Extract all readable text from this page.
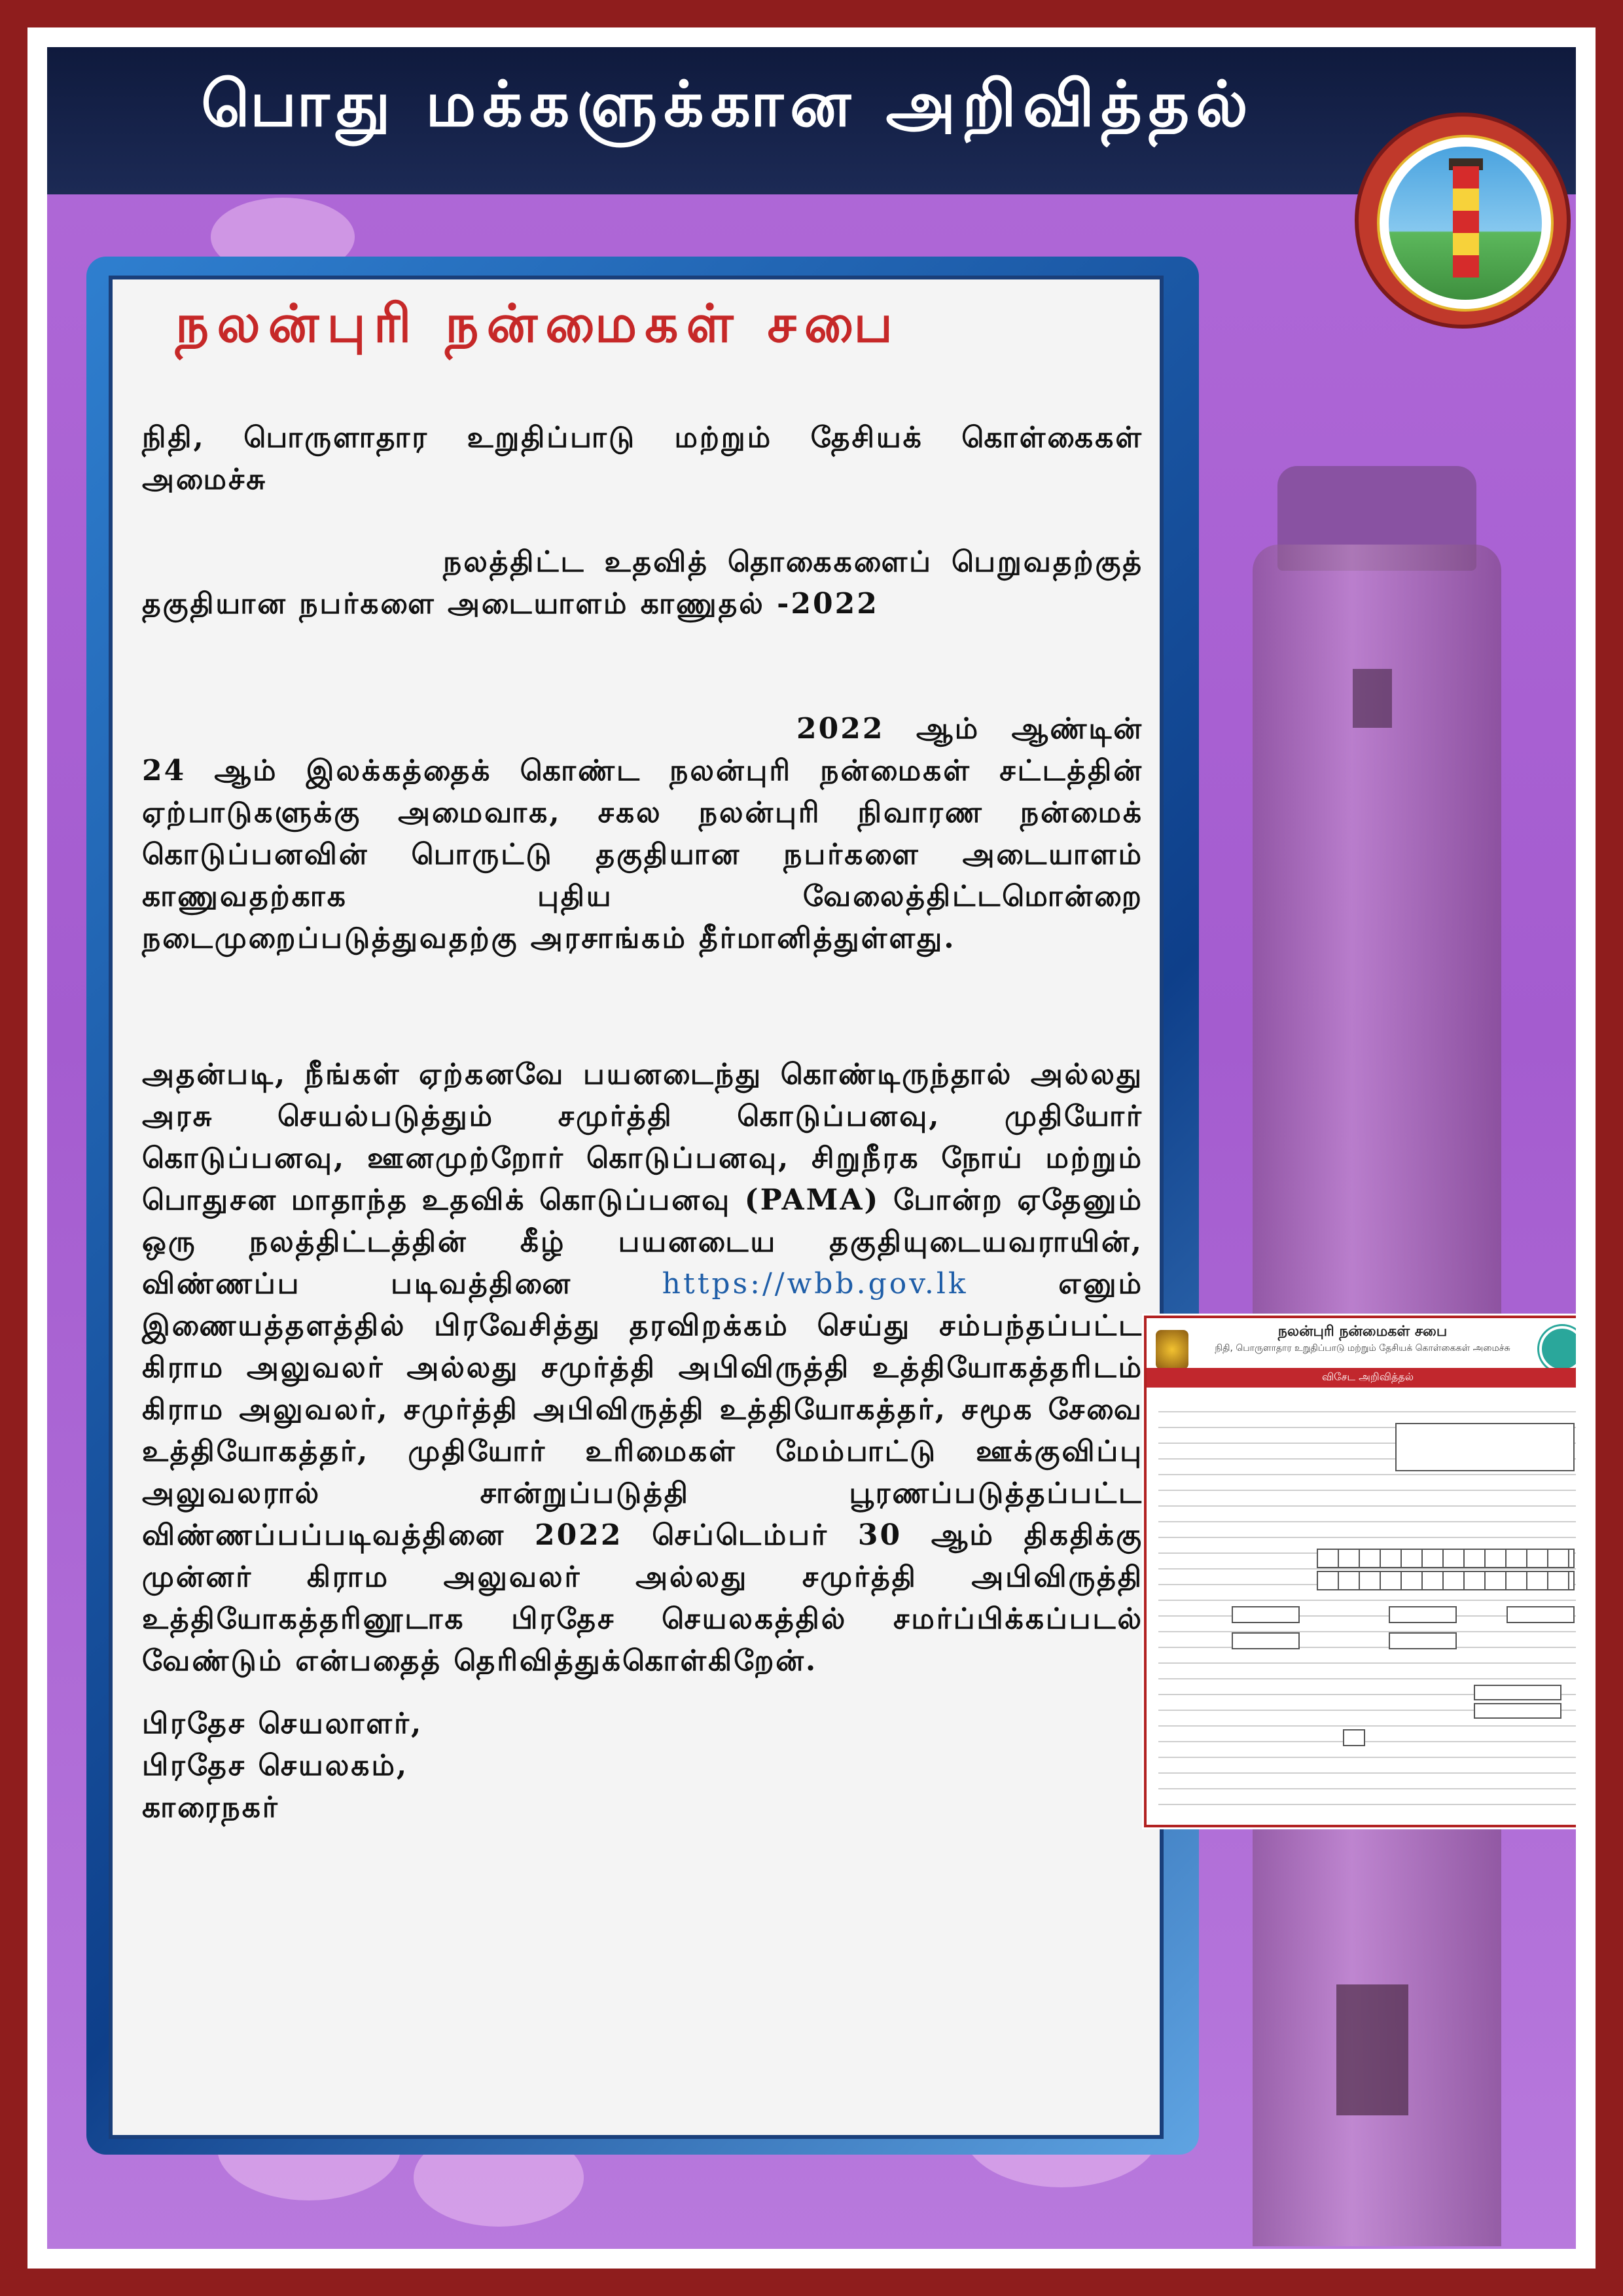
பொது மக்களுக்கான அறிவித்தல்
நலன்புரி நன்மைகள் சபை

நிதி, பொருளாதார உறுதிப்பாடு மற்றும் தேசியக் கொள்கைகள் அமைச்சு

நலத்திட்ட உதவித் தொகைகளைப் பெறுவதற்குத் தகுதியான நபர்களை அடையாளம் காணுதல் -2022

2022 ஆம் ஆண்டின் 24 ஆம் இலக்கத்தைக் கொண்ட நலன்புரி நன்மைகள் சட்டத்தின் ஏற்பாடுகளுக்கு அமைவாக, சகல நலன்புரி நிவாரண நன்மைக் கொடுப்பனவின் பொருட்டு தகுதியான நபர்களை அடையாளம் காணுவதற்காக புதிய வேலைத்திட்டமொன்றை நடைமுறைப்படுத்துவதற்கு அரசாங்கம் தீர்மானித்துள்ளது.

அதன்படி, நீங்கள் ஏற்கனவே பயனடைந்து கொண்டிருந்தால் அல்லது அரசு செயல்படுத்தும் சமுர்த்தி கொடுப்பனவு, முதியோர் கொடுப்பனவு, ஊனமுற்றோர் கொடுப்பனவு, சிறுநீரக நோய் மற்றும் பொதுசன மாதாந்த உதவிக் கொடுப்பனவு (PAMA) போன்ற ஏதேனும் ஒரு நலத்திட்டத்தின் கீழ் பயனடைய தகுதியுடையவராயின், விண்ணப்ப படிவத்தினை https://wbb.gov.lk எனும் இணையத்தளத்தில் பிரவேசித்து தரவிறக்கம் செய்து சம்பந்தப்பட்ட கிராம அலுவலர் அல்லது சமுர்த்தி அபிவிருத்தி உத்தியோகத்தரிடம் கிராம அலுவலர், சமுர்த்தி அபிவிருத்தி உத்தியோகத்தர், சமூக சேவை உத்தியோகத்தர், முதியோர் உரிமைகள் மேம்பாட்டு ஊக்குவிப்பு அலுவலரால் சான்றுப்படுத்தி பூரணப்படுத்தப்பட்ட விண்ணப்பப்படிவத்தினை 2022 செப்டெம்பர் 30 ஆம் திகதிக்கு முன்னர் கிராம அலுவலர் அல்லது சமுர்த்தி அபிவிருத்தி உத்தியோகத்தரினூடாக பிரதேச செயலகத்தில் சமர்ப்பிக்கப்படல் வேண்டும் என்பதைத் தெரிவித்துக்கொள்கிறேன்.

பிரதேச செயலாளர்,
பிரதேச செயலகம்,
காரைநகர்
நலன்புரி நன்மைகள் சபை
நிதி, பொருளாதார உறுதிப்பாடு மற்றும் தேசியக் கொள்கைகள் அமைச்சு
விசேட அறிவித்தல்
